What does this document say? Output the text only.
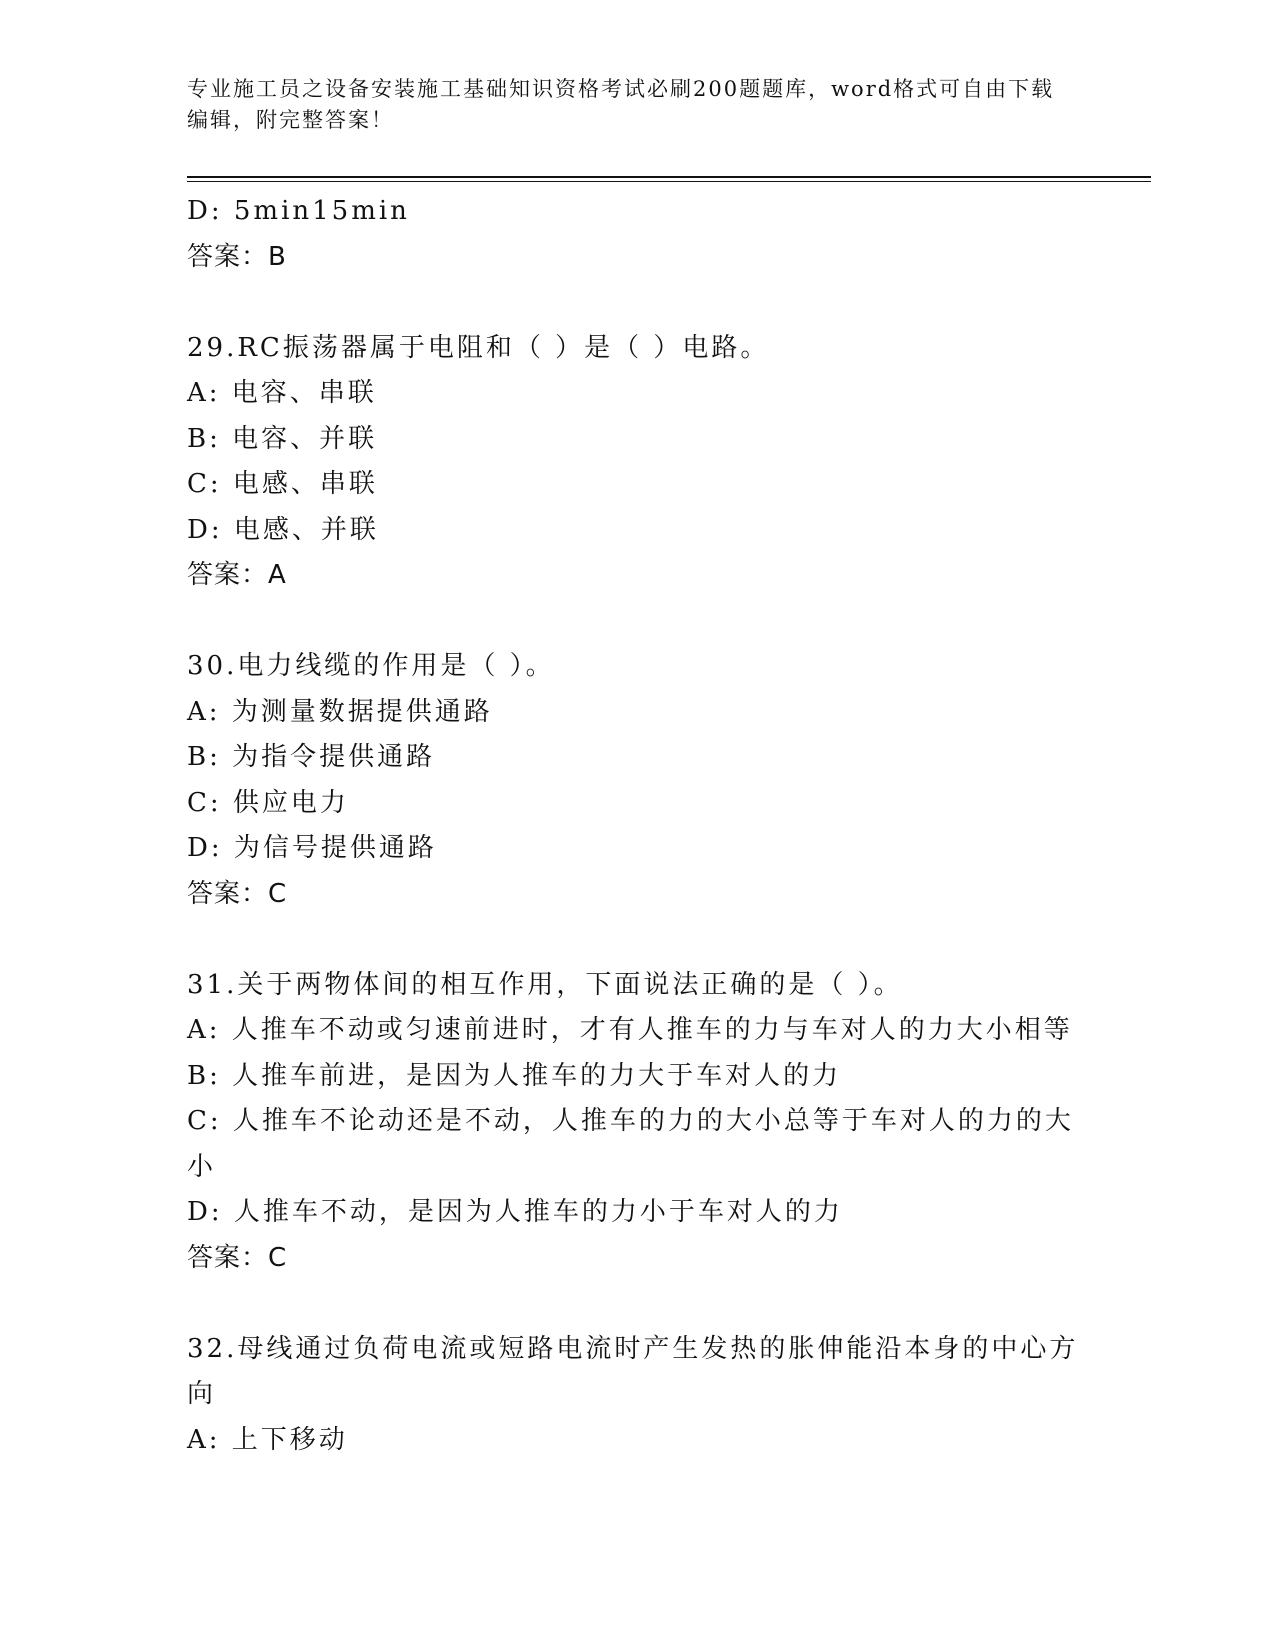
专业施工员之设备安装施工基础知识资格考试必刷200题题库，word格式可自由下载编辑，附完整答案！
D: 5min15min
答案：B
29.RC振荡器属于电阻和（ ）是（ ）电路。
A: 电容、串联
B: 电容、并联
C: 电感、串联
D: 电感、并联
答案：A
30.电力线缆的作用是（ ）。
A: 为测量数据提供通路
B: 为指令提供通路
C: 供应电力
D: 为信号提供通路
答案：C
31.关于两物体间的相互作用，下面说法正确的是（ ）。
A: 人推车不动或匀速前进时，才有人推车的力与车对人的力大小相等
B: 人推车前进，是因为人推车的力大于车对人的力
C: 人推车不论动还是不动，人推车的力的大小总等于车对人的力的大小
D: 人推车不动，是因为人推车的力小于车对人的力
答案：C
32.母线通过负荷电流或短路电流时产生发热的胀伸能沿本身的中心方向
A: 上下移动
